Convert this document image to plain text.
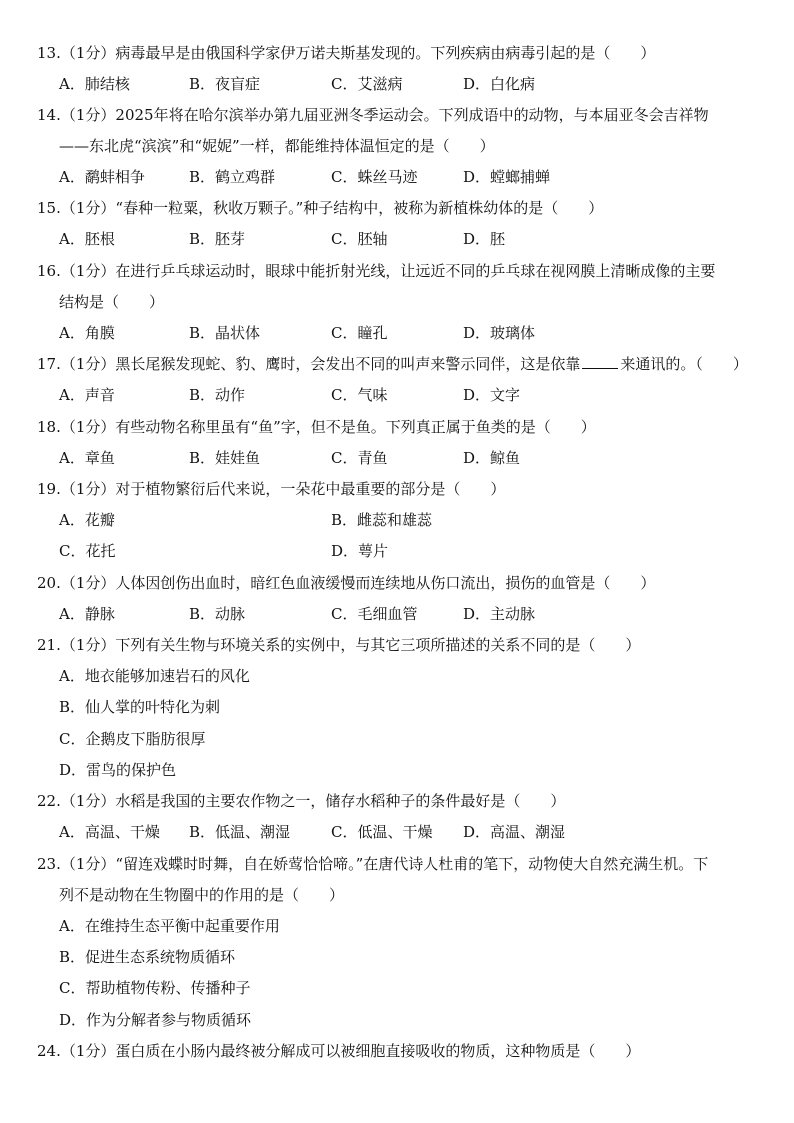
13.（1分）病毒最早是由俄国科学家伊万诺夫斯基发现的。下列疾病由病毒引起的是（　　）
A．肺结核	B．夜盲症	C．艾滋病	D．白化病
14.（1分）2025年将在哈尔滨举办第九届亚洲冬季运动会。下列成语中的动物，与本届亚冬会吉祥物
——东北虎“滨滨”和“妮妮”一样，都能维持体温恒定的是（　　）
A．鹬蚌相争	B．鹤立鸡群	C．蛛丝马迹	D．螳螂捕蝉
15.（1分）“春种一粒粟，秋收万颗子。”种子结构中，被称为新植株幼体的是（　　）
A．胚根	B．胚芽	C．胚轴	D．胚
16.（1分）在进行乒乓球运动时，眼球中能折射光线，让远近不同的乒乓球在视网膜上清晰成像的主要
结构是（　　）
A．角膜	B．晶状体	C．瞳孔	D．玻璃体
17.（1分）黑长尾猴发现蛇、豹、鹰时，会发出不同的叫声来警示同伴，这是依靠	来通讯的。（　　）
A．声音	B．动作	C．气味	D．文字
18.（1分）有些动物名称里虽有“鱼”字，但不是鱼。下列真正属于鱼类的是（　　）
A．章鱼	B．娃娃鱼	C．青鱼	D．鲸鱼
19.（1分）对于植物繁衍后代来说，一朵花中最重要的部分是（　　）
A．花瓣	B．雌蕊和雄蕊
C．花托	D．萼片
20.（1分）人体因创伤出血时，暗红色血液缓慢而连续地从伤口流出，损伤的血管是（　　）
A．静脉	B．动脉	C．毛细血管	D．主动脉
21.（1分）下列有关生物与环境关系的实例中，与其它三项所描述的关系不同的是（　　）
A．地衣能够加速岩石的风化
B．仙人掌的叶特化为刺
C．企鹅皮下脂肪很厚
D．雷鸟的保护色
22.（1分）水稻是我国的主要农作物之一，储存水稻种子的条件最好是（　　）
A．高温、干燥 B．低温、潮湿	C．低温、干燥 D．高温、潮湿
23.（1分）“留连戏蝶时时舞，自在娇莺恰恰啼。”在唐代诗人杜甫的笔下，动物使大自然充满生机。下
列不是动物在生物圈中的作用的是（　　）
A．在维持生态平衡中起重要作用
B．促进生态系统物质循环
C．帮助植物传粉、传播种子
D．作为分解者参与物质循环
24.（1分）蛋白质在小肠内最终被分解成可以被细胞直接吸收的物质，这种物质是（　　）
